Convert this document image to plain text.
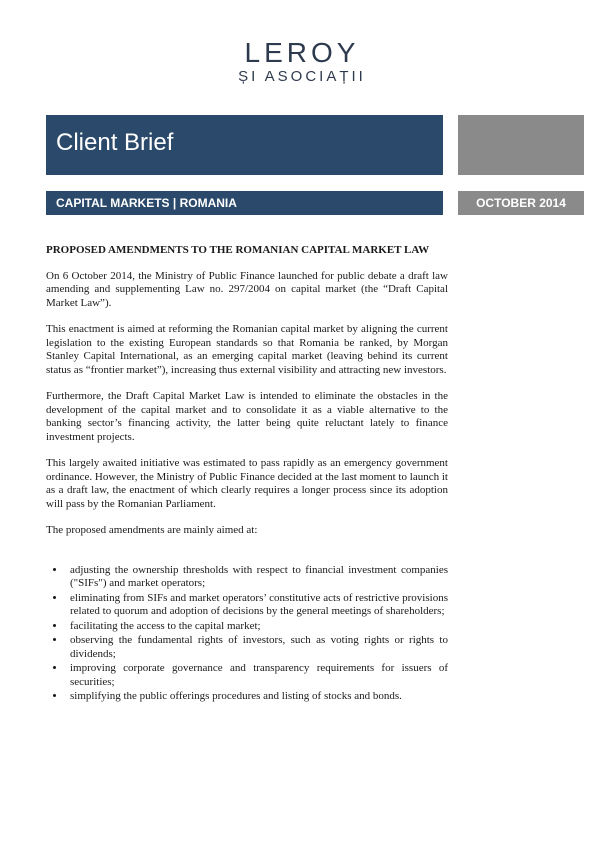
LEROY
ȘI ASOCIAȚII
Client Brief
CAPITAL MARKETS | ROMANIA	OCTOBER 2014

PROPOSED AMENDMENTS TO THE ROMANIAN CAPITAL MARKET LAW

On 6 October 2014, the Ministry of Public Finance launched for public debate a draft law amending and supplementing Law no. 297/2004 on capital market (the “Draft Capital Market Law”).

This enactment is aimed at reforming the Romanian capital market by aligning the current legislation to the existing European standards so that Romania be ranked, by Morgan Stanley Capital International, as an emerging capital market (leaving behind its current status as “frontier market”), increasing thus external visibility and attracting new investors.

Furthermore, the Draft Capital Market Law is intended to eliminate the obstacles in the development of the capital market and to consolidate it as a viable alternative to the banking sector’s financing activity, the latter being quite reluctant lately to finance investment projects.

This largely awaited initiative was estimated to pass rapidly as an emergency government ordinance. However, the Ministry of Public Finance decided at the last moment to launch it as a draft law, the enactment of which clearly requires a longer process since its adoption will pass by the Romanian Parliament.

The proposed amendments are mainly aimed at:

• adjusting the ownership thresholds with respect to financial investment companies ("SIFs") and market operators;
• eliminating from SIFs and market operators’ constitutive acts of restrictive provisions related to quorum and adoption of decisions by the general meetings of shareholders;
• facilitating the access to the capital market;
• observing the fundamental rights of investors, such as voting rights or rights to dividends;
• improving corporate governance and transparency requirements for issuers of securities;
• simplifying the public offerings procedures and listing of stocks and bonds.
